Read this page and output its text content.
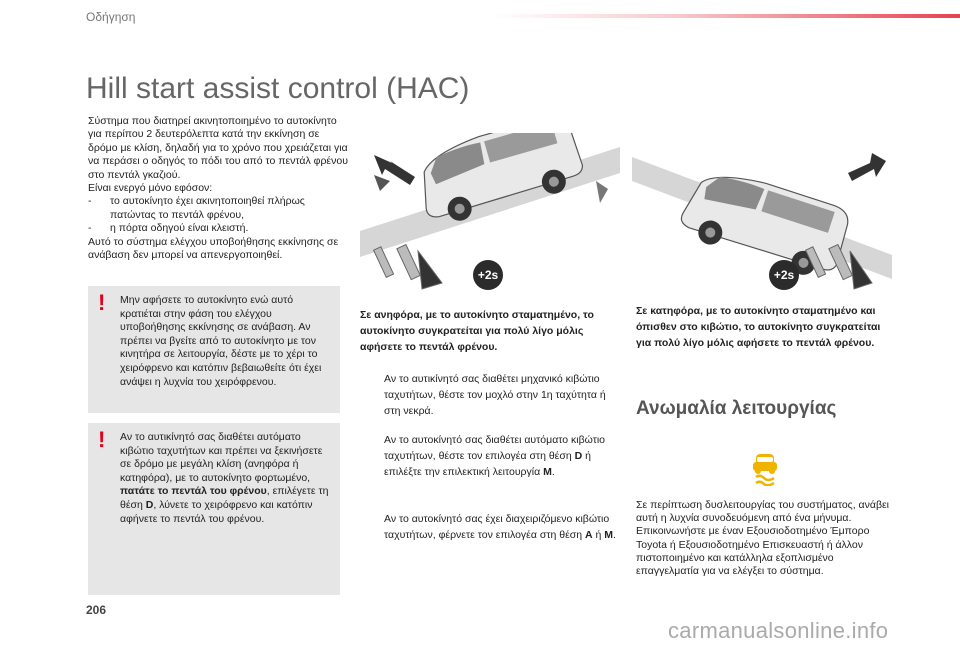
Οδήγηση
Hill start assist control (HAC)

Σύστημα που διατηρεί ακινητοποιημένο το αυτοκίνητο για περίπου 2 δευτερόλεπτα κατά την εκκίνηση σε δρόμο με κλίση, δηλαδή για το χρόνο που χρειάζεται για να περάσει ο οδηγός το πόδι του από το πεντάλ φρένου στο πεντάλ γκαζιού.

Είναι ενεργό μόνο εφόσον:

-	το αυτοκίνητο έχει ακινητοποιηθεί πλήρως πατώντας το πεντάλ φρένου,
-	η πόρτα οδηγού είναι κλειστή.

Αυτό το σύστημα ελέγχου υποβοήθησης εκκίνησης σε ανάβαση δεν μπορεί να απενεργοποιηθεί.

! Μην αφήσετε το αυτοκίνητο ενώ αυτό κρατιέται στην φάση του ελέγχου υποβοήθησης εκκίνησης σε ανάβαση. Αν πρέπει να βγείτε από το αυτοκίνητο με τον κινητήρα σε λειτουργία, δέστε με το χέρι το χειρόφρενο και κατόπιν βεβαιωθείτε ότι έχει ανάψει η λυχνία του χειρόφρενου.
! Αν το αυτικίνητό σας διαθέτει αυτόματο κιβώτιο ταχυτήτων και πρέπει να ξεκινήσετε σε δρόμο με μεγάλη κλίση (ανηφόρα ή κατηφόρα), με το αυτοκίνητο φορτωμένο, πατάτε το πεντάλ του φρένου, επιλέγετε τη θέση D, λύνετε το χειρόφρενο και κατόπιν αφήνετε το πεντάλ του φρένου.
+2s	+2s
Σε ανηφόρα, με το αυτοκίνητο σταματημένο, το αυτοκίνητο συγκρατείται για πολύ λίγο μόλις αφήσετε το πεντάλ φρένου.
Σε κατηφόρα, με το αυτοκίνητο σταματημένο και όπισθεν στο κιβώτιο, το αυτοκίνητο συγκρατείται για πολύ λίγο μόλις αφήσετε το πεντάλ φρένου.
Αν το αυτικίνητό σας διαθέτει μηχανικό κιβώτιο ταχυτήτων, θέστε τον μοχλό στην 1η ταχύτητα ή στη νεκρά.
Αν το αυτοκίνητό σας διαθέτει αυτόματο κιβώτιο ταχυτήτων, θέστε τον επιλογέα στη θέση D ή επιλέξτε την επιλεκτική λειτουργία M.
Αν το αυτοκίνητό σας έχει διαχειριζόμενο κιβώτιο ταχυτήτων, φέρνετε τον επιλογέα στη θέση A ή M.
Ανωμαλία λειτουργίας
Σε περίπτωση δυσλειτουργίας του συστήματος, ανάβει αυτή η λυχνία συνοδευόμενη από ένα μήνυμα. Επικοινωνήστε με έναν Εξουσιοδοτημένο Έμπορο Toyota ή Εξουσιοδοτημένο Επισκευαστή ή άλλον πιστοποιημένο και κατάλληλα εξοπλισμένο επαγγελματία για να ελέγξει το σύστημα.
206
carmanualsonline.info
